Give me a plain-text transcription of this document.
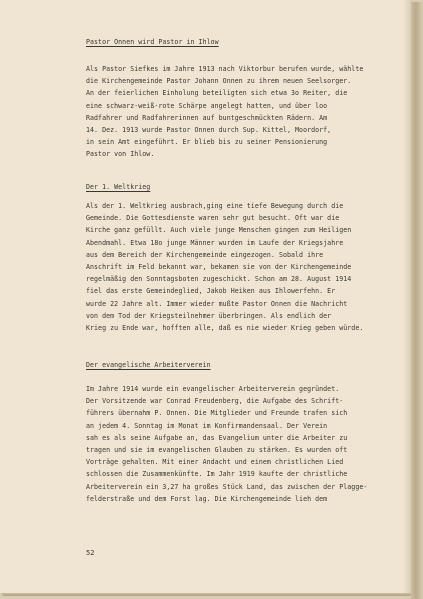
Pastor Onnen wird Pastor in Ihlow
Als Pastor Siefkes im Jahre 1913 nach Viktorbur berufen wurde, wählte
die Kirchengemeinde Pastor Johann Onnen zu ihrem neuen Seelsorger.
An der feierlichen Einholung beteiligten sich etwa 3o Reiter, die
eine schwarz-weiß-rote Schärpe angelegt hatten, und über loo
Radfahrer und Radfahrerinnen auf buntgeschmückten Rädern. Am
14. Dez. 1913 wurde Pastor Onnen durch Sup. Kittel, Moordorf,
in sein Amt eingeführt. Er blieb bis zu seiner Pensionierung
Pastor von Ihlow.
Der 1. Weltkrieg
Als der 1. Weltkrieg ausbrach,ging eine tiefe Bewegung durch die
Gemeinde. Die Gottesdienste waren sehr gut besucht. Oft war die
Kirche ganz gefüllt. Auch viele junge Menschen gingen zum Heiligen
Abendmahl. Etwa 18o junge Männer wurden im Laufe der Kriegsjahre
aus dem Bereich der Kirchengemeinde eingezogen. Sobald ihre
Anschrift im Feld bekannt war, bekamen sie von der Kirchengemeinde
regelmäßig den Sonntagsboten zugeschickt. Schon am 28. August 1914
fiel das erste Gemeindeglied, Jakob Heiken aus Ihlowerfehn. Er
wurde 22 Jahre alt. Immer wieder mußte Pastor Onnen die Nachricht
von dem Tod der Kriegsteilnehmer überbringen. Als endlich der
Krieg zu Ende war, hofften alle, daß es nie wieder Krieg geben würde.
Der evangelische Arbeiterverein
Im Jahre 1914 wurde ein evangelischer Arbeiterverein gegründet.
Der Vorsitzende war Conrad Freudenberg, die Aufgabe des Schrift-
führers übernahm P. Onnen. Die Mitglieder und Freunde trafen sich
an jedem 4. Sonntag im Monat im Konfirmandensaal. Der Verein
sah es als seine Aufgabe an, das Evangelium unter die Arbeiter zu
tragen und sie im evangelischen Glauben zu stärken. Es wurden oft
Vorträge gehalten. Mit einer Andacht und einem christlichen Lied
schlossen die Zusammenkünfte. Im Jahr 1919 kaufte der christliche
Arbeiterverein ein 3,27 ha großes Stück Land, das zwischen der Plagge-
felderstraße und dem Forst lag. Die Kirchengemeinde lieh dem
52
